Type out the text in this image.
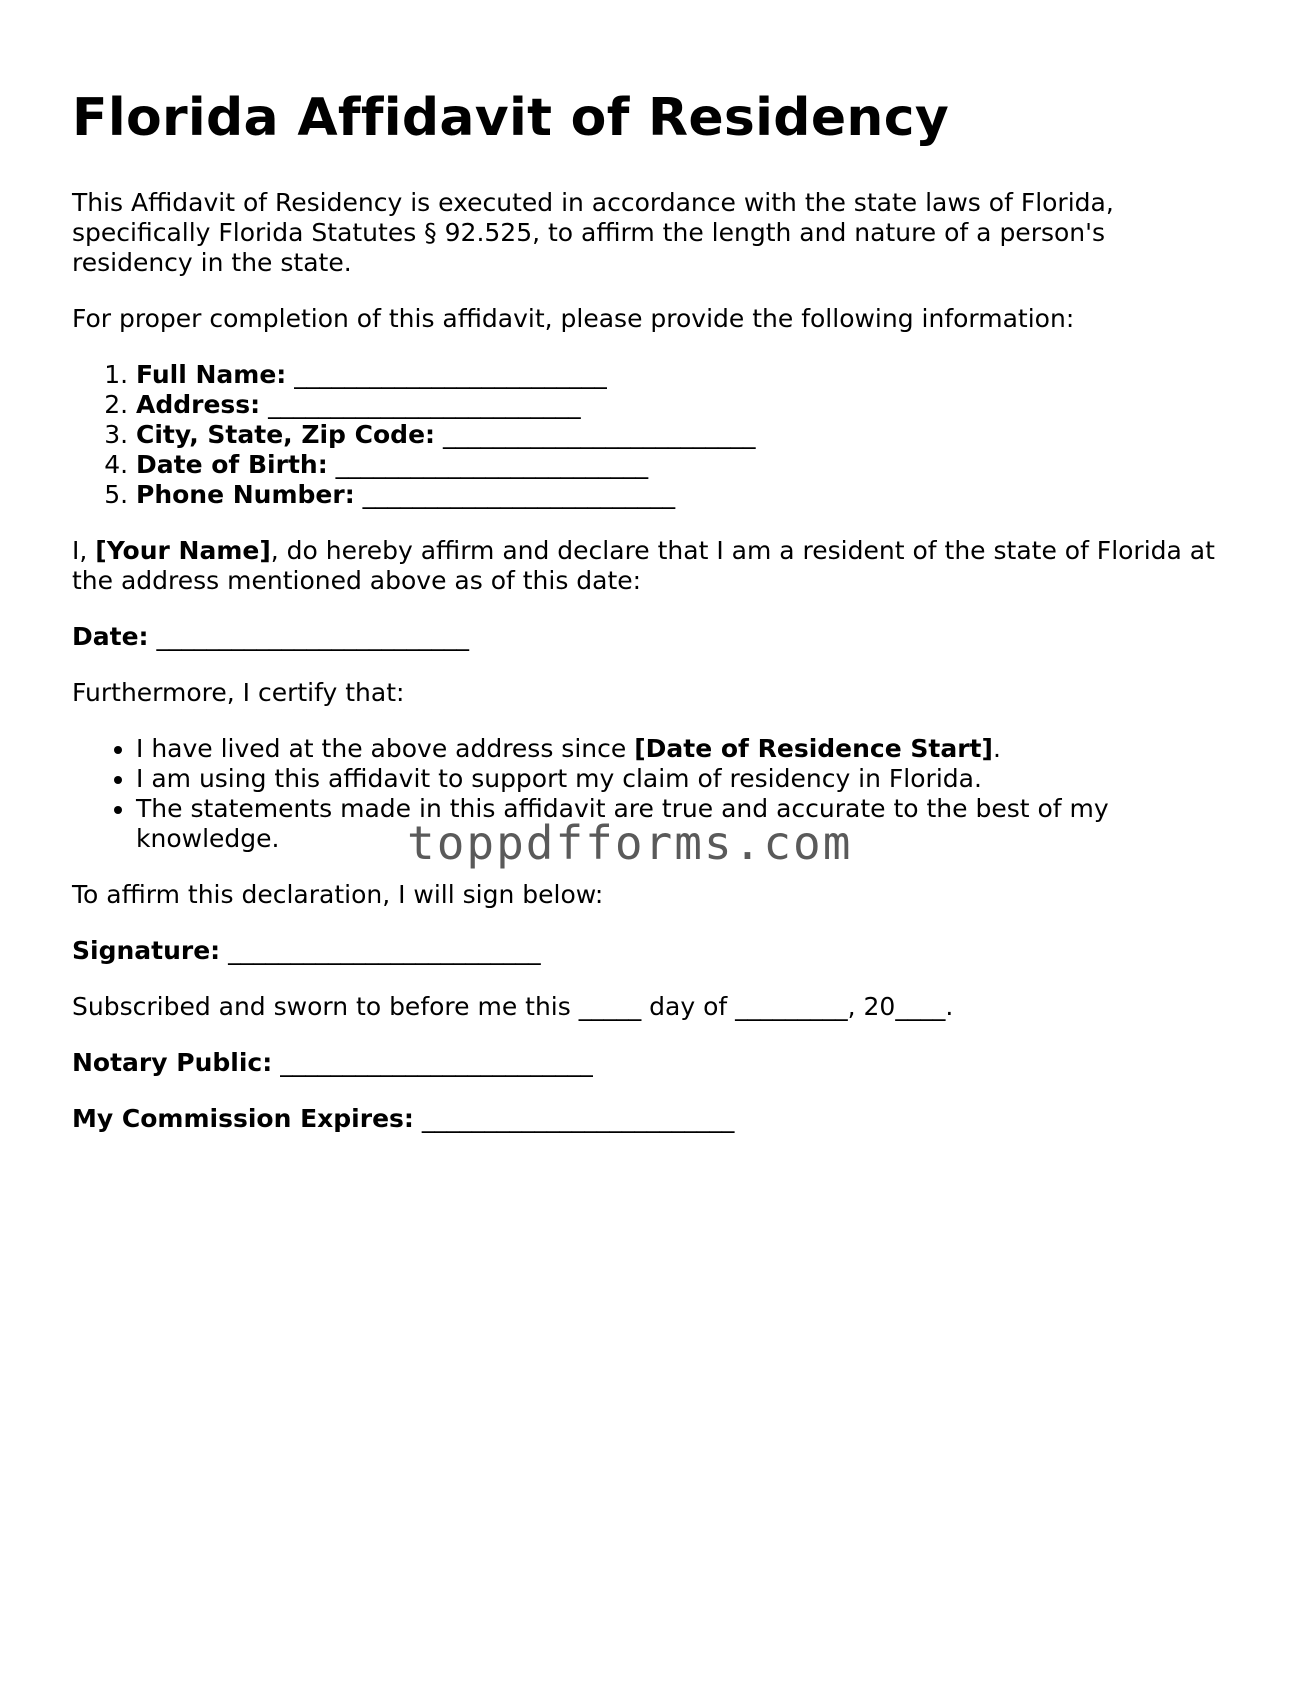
Florida Affidavit of Residency

This Affidavit of Residency is executed in accordance with the state laws of Florida, specifically Florida Statutes § 92.525, to affirm the length and nature of a person's residency in the state.

For proper completion of this affidavit, please provide the following information:

1. Full Name: _________________________
2. Address: _________________________
3. City, State, Zip Code: _________________________
4. Date of Birth: _________________________
5. Phone Number: _________________________

I, [Your Name], do hereby affirm and declare that I am a resident of the state of Florida at the address mentioned above as of this date:

Date: _________________________

Furthermore, I certify that:

• I have lived at the above address since [Date of Residence Start].
• I am using this affidavit to support my claim of residency in Florida.
• The statements made in this affidavit are true and accurate to the best of my knowledge.

To affirm this declaration, I will sign below:

Signature: _________________________

Subscribed and sworn to before me this _____ day of _________, 20____.

Notary Public: _________________________

My Commission Expires: _________________________

toppdfforms.com
